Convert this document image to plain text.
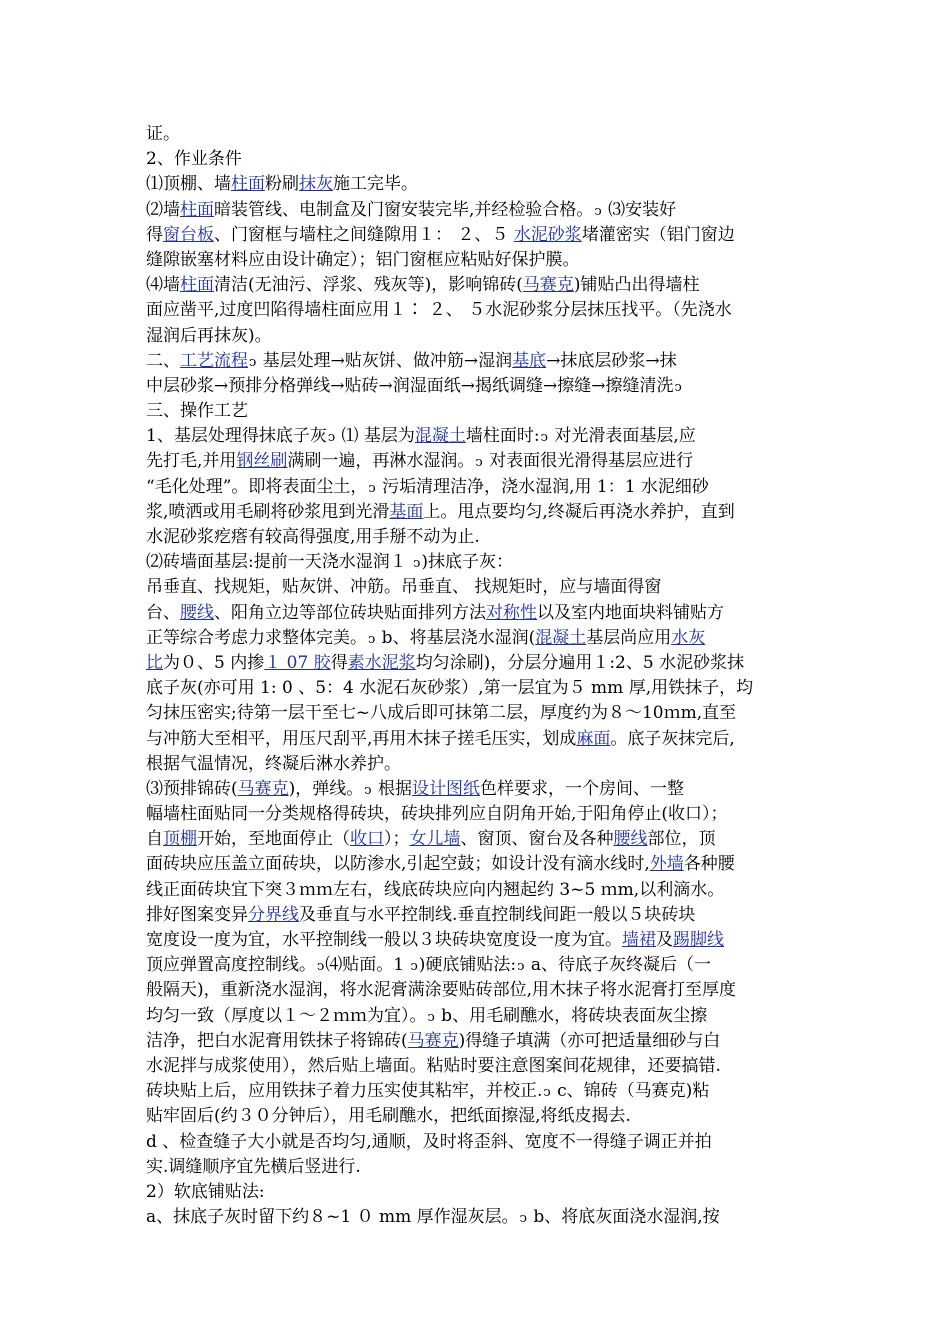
证。
2、作业条件
⑴顶棚、墙柱面粉刷抹灰施工完毕。
⑵墙柱面暗装管线、电制盒及门窗安装完毕,并经检验合格。ↄ ⑶安装好
得窗台板、门窗框与墙柱之间缝隙用１： ２、５ 水泥砂浆堵灌密实（铝门窗边
缝隙嵌塞材料应由设计确定）；铝门窗框应粘贴好保护膜。
⑷墙柱面清洁(无油污、浮浆、残灰等)，影响锦砖(马赛克)铺贴凸出得墙柱
面应凿平,过度凹陷得墙柱面应用１∶ ２、 ５水泥砂浆分层抹压找平。（先浇水
湿润后再抹灰)。
二、工艺流程ↄ 基层处理→贴灰饼、做冲筋→湿润基底→抹底层砂浆→抹
中层砂浆→预排分格弹线→贴砖→润湿面纸→揭纸调缝→擦缝→擦缝清洗ↄ
三、操作工艺
1、基层处理得抹底子灰ↄ ⑴ 基层为混凝土墙柱面时:ↄ 对光滑表面基层,应
先打毛,并用钢丝刷满刷一遍，再淋水湿润。ↄ 对表面很光滑得基层应进行
“毛化处理”。即将表面尘土，ↄ 污垢清理洁净，浇水湿润,用 1：1 水泥细砂
浆,喷洒或用毛刷将砂浆甩到光滑基面上。甩点要均匀,终凝后再浇水养护，直到
水泥砂浆疙瘩有较高得强度,用手掰不动为止.
⑵砖墙面基层:提前一天浇水湿润１ ↄ)抹底子灰：
吊垂直、找规矩，贴灰饼、冲筋。吊垂直、 找规矩时，应与墙面得窗
台、腰线、阳角立边等部位砖块贴面排列方法对称性以及室内地面块料铺贴方
正等综合考虑力求整体完美。ↄ b、将基层浇水湿润(混凝土基层尚应用水灰
比为０、5 内掺１ 07 胶得素水泥浆均匀涂刷)，分层分遍用１:2、5 水泥砂浆抹
底子灰(亦可用 1: 0 、5：4 水泥石灰砂浆）,第一层宜为５ mm 厚,用铁抹子，均
匀抹压密实;待第一层干至七~八成后即可抹第二层，厚度约为８～10ｍm,直至
与冲筋大至相平，用压尺刮平,再用木抹子搓毛压实，划成麻面。底子灰抹完后,
根据气温情况，终凝后淋水养护。
⑶预排锦砖(马赛克)，弹线。ↄ 根据设计图纸色样要求，一个房间、一整
幅墙柱面贴同一分类规格得砖块，砖块排列应自阴角开始,于阳角停止(收口）；
自顶棚开始，至地面停止（收口）；女儿墙、窗顶、窗台及各种腰线部位，顶
面砖块应压盖立面砖块，以防渗水,引起空鼓；如设计没有滴水线时,外墙各种腰
线正面砖块宜下突３ｍｍ左右，线底砖块应向内翘起约 3~5 ｍm,以利滴水。
排好图案变异分界线及垂直与水平控制线.垂直控制线间距一般以５块砖块
宽度设一度为宜，水平控制线一般以３块砖块宽度设一度为宜。墙裙及踢脚线
顶应弹置高度控制线。ↄ⑷贴面。1 ↄ)硬底铺贴法:ↄ a、待底子灰终凝后（一
般隔天)，重新浇水湿润，将水泥膏满涂要贴砖部位,用木抹子将水泥膏打至厚度
均匀一致（厚度以１～２ｍｍ为宜）。ↄ b、用毛刷醮水，将砖块表面灰尘擦
洁净，把白水泥膏用铁抹子将锦砖(马赛克)得缝子填满（亦可把适量细砂与白
水泥拌与成浆使用），然后贴上墙面。粘贴时要注意图案间花规律，还要搞错.
砖块贴上后，应用铁抹子着力压实使其粘牢，并校正.ↄ c、锦砖（马赛克)粘
贴牢固后(约３０分钟后），用毛刷醮水，把纸面擦湿,将纸皮揭去.
d 、检查缝子大小就是否均匀,通顺，及时将歪斜、宽度不一得缝子调正并拍
实.调缝顺序宜先横后竖进行.
2）软底铺贴法:
a、抹底子灰时留下约８~1 ０ mm 厚作湿灰层。ↄ b、将底灰面浇水湿润,按
